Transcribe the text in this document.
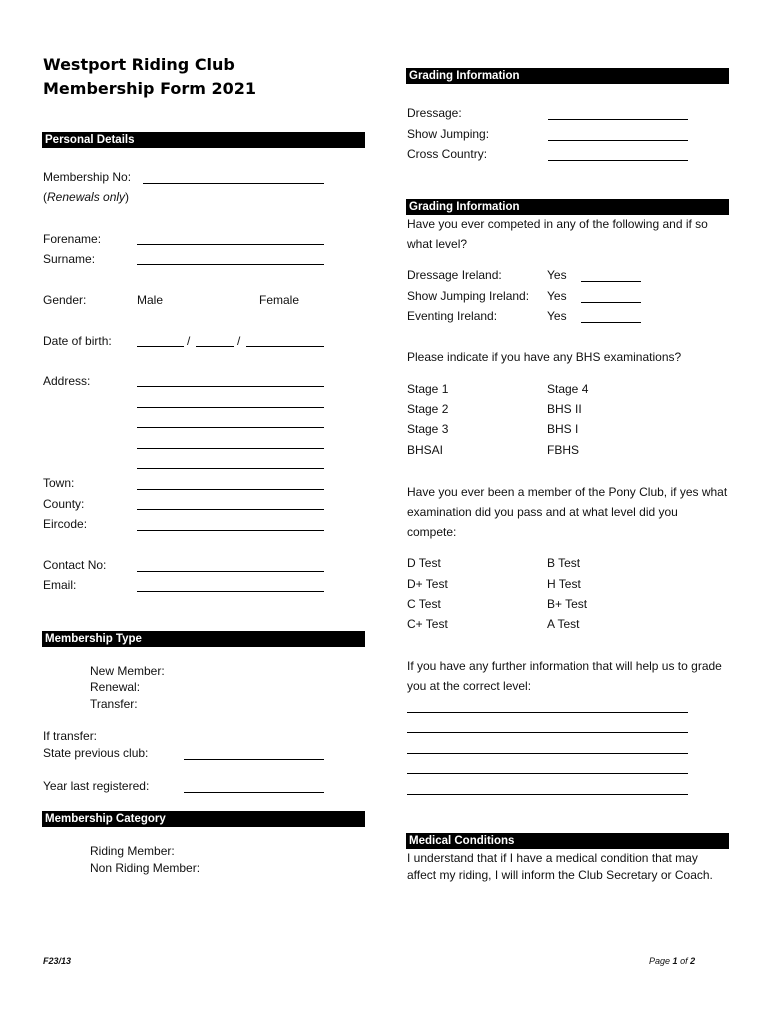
Westport Riding Club
Membership Form 2021
Personal Details
Membership No:
(Renewals only)
Forename:
Surname:
Gender:	Male	Female
Date of birth:	/	/
Address:
Town:
County:
Eircode:
Contact No:
Email:
Membership Type
New Member:
Renewal:
Transfer:
If transfer:
State previous club:
Year last registered:
Membership Category
Riding Member:
Non Riding Member:
Grading Information
Dressage:
Show Jumping:
Cross Country:
Grading Information
Have you ever competed in any of the following and if so what level?
Dressage Ireland:	Yes
Show Jumping Ireland: Yes
Eventing Ireland:	Yes
Please indicate if you have any BHS examinations?
Stage 1	Stage 4
Stage 2	BHS II
Stage 3	BHS I
BHSAI	FBHS
Have you ever been a member of the Pony Club, if yes what examination did you pass and at what level did you compete:
D Test	B Test
D+ Test	H Test
C Test	B+ Test
C+ Test	A Test
If you have any further information that will help us to grade you at the correct level:
Medical Conditions
I understand that if I have a medical condition that may affect my riding, I will inform the Club Secretary or Coach.
F23/13	Page 1 of 2
